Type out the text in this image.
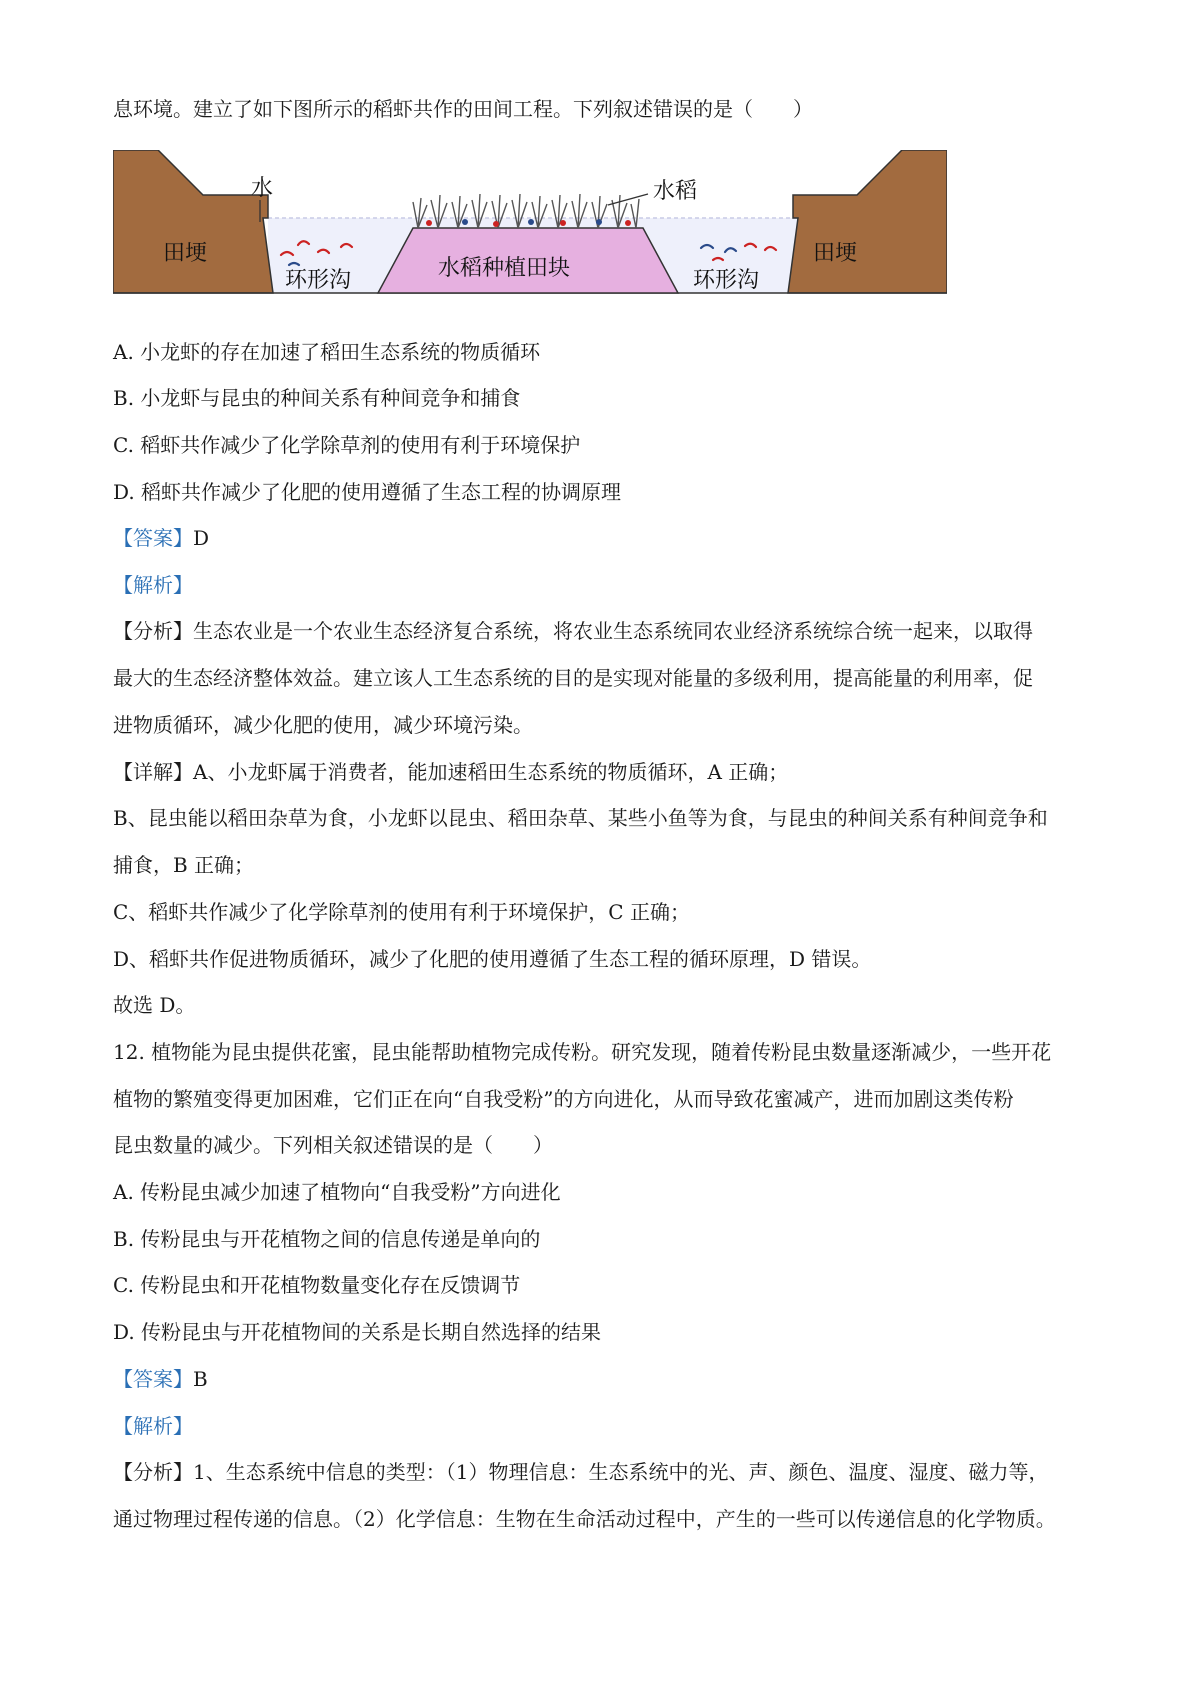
息环境。建立了如下图所示的稻虾共作的田间工程。下列叙述错误的是（　　）
田埂	田埂
水	水稻
水稻种植田块
环形沟	环形沟
A. 小龙虾的存在加速了稻田生态系统的物质循环
B. 小龙虾与昆虫的种间关系有种间竞争和捕食
C. 稻虾共作减少了化学除草剂的使用有利于环境保护
D. 稻虾共作减少了化肥的使用遵循了生态工程的协调原理
【答案】D
【解析】
【分析】生态农业是一个农业生态经济复合系统，将农业生态系统同农业经济系统综合统一起来，以取得
最大的生态经济整体效益。建立该人工生态系统的目的是实现对能量的多级利用，提高能量的利用率，促
进物质循环，减少化肥的使用，减少环境污染。
【详解】A、小龙虾属于消费者，能加速稻田生态系统的物质循环，A 正确；
B、昆虫能以稻田杂草为食，小龙虾以昆虫、稻田杂草、某些小鱼等为食，与昆虫的种间关系有种间竞争和
捕食，B 正确；
C、稻虾共作减少了化学除草剂的使用有利于环境保护，C 正确；
D、稻虾共作促进物质循环，减少了化肥的使用遵循了生态工程的循环原理，D 错误。
故选 D。
12. 植物能为昆虫提供花蜜，昆虫能帮助植物完成传粉。研究发现，随着传粉昆虫数量逐渐减少，一些开花
植物的繁殖变得更加困难，它们正在向“自我受粉”的方向进化，从而导致花蜜减产，进而加剧这类传粉
昆虫数量的减少。下列相关叙述错误的是（　　）
A. 传粉昆虫减少加速了植物向“自我受粉”方向进化
B. 传粉昆虫与开花植物之间的信息传递是单向的
C. 传粉昆虫和开花植物数量变化存在反馈调节
D. 传粉昆虫与开花植物间的关系是长期自然选择的结果
【答案】B
【解析】
【分析】1、生态系统中信息的类型：（1）物理信息：生态系统中的光、声、颜色、温度、湿度、磁力等，
通过物理过程传递的信息。（2）化学信息：生物在生命活动过程中，产生的一些可以传递信息的化学物质。
